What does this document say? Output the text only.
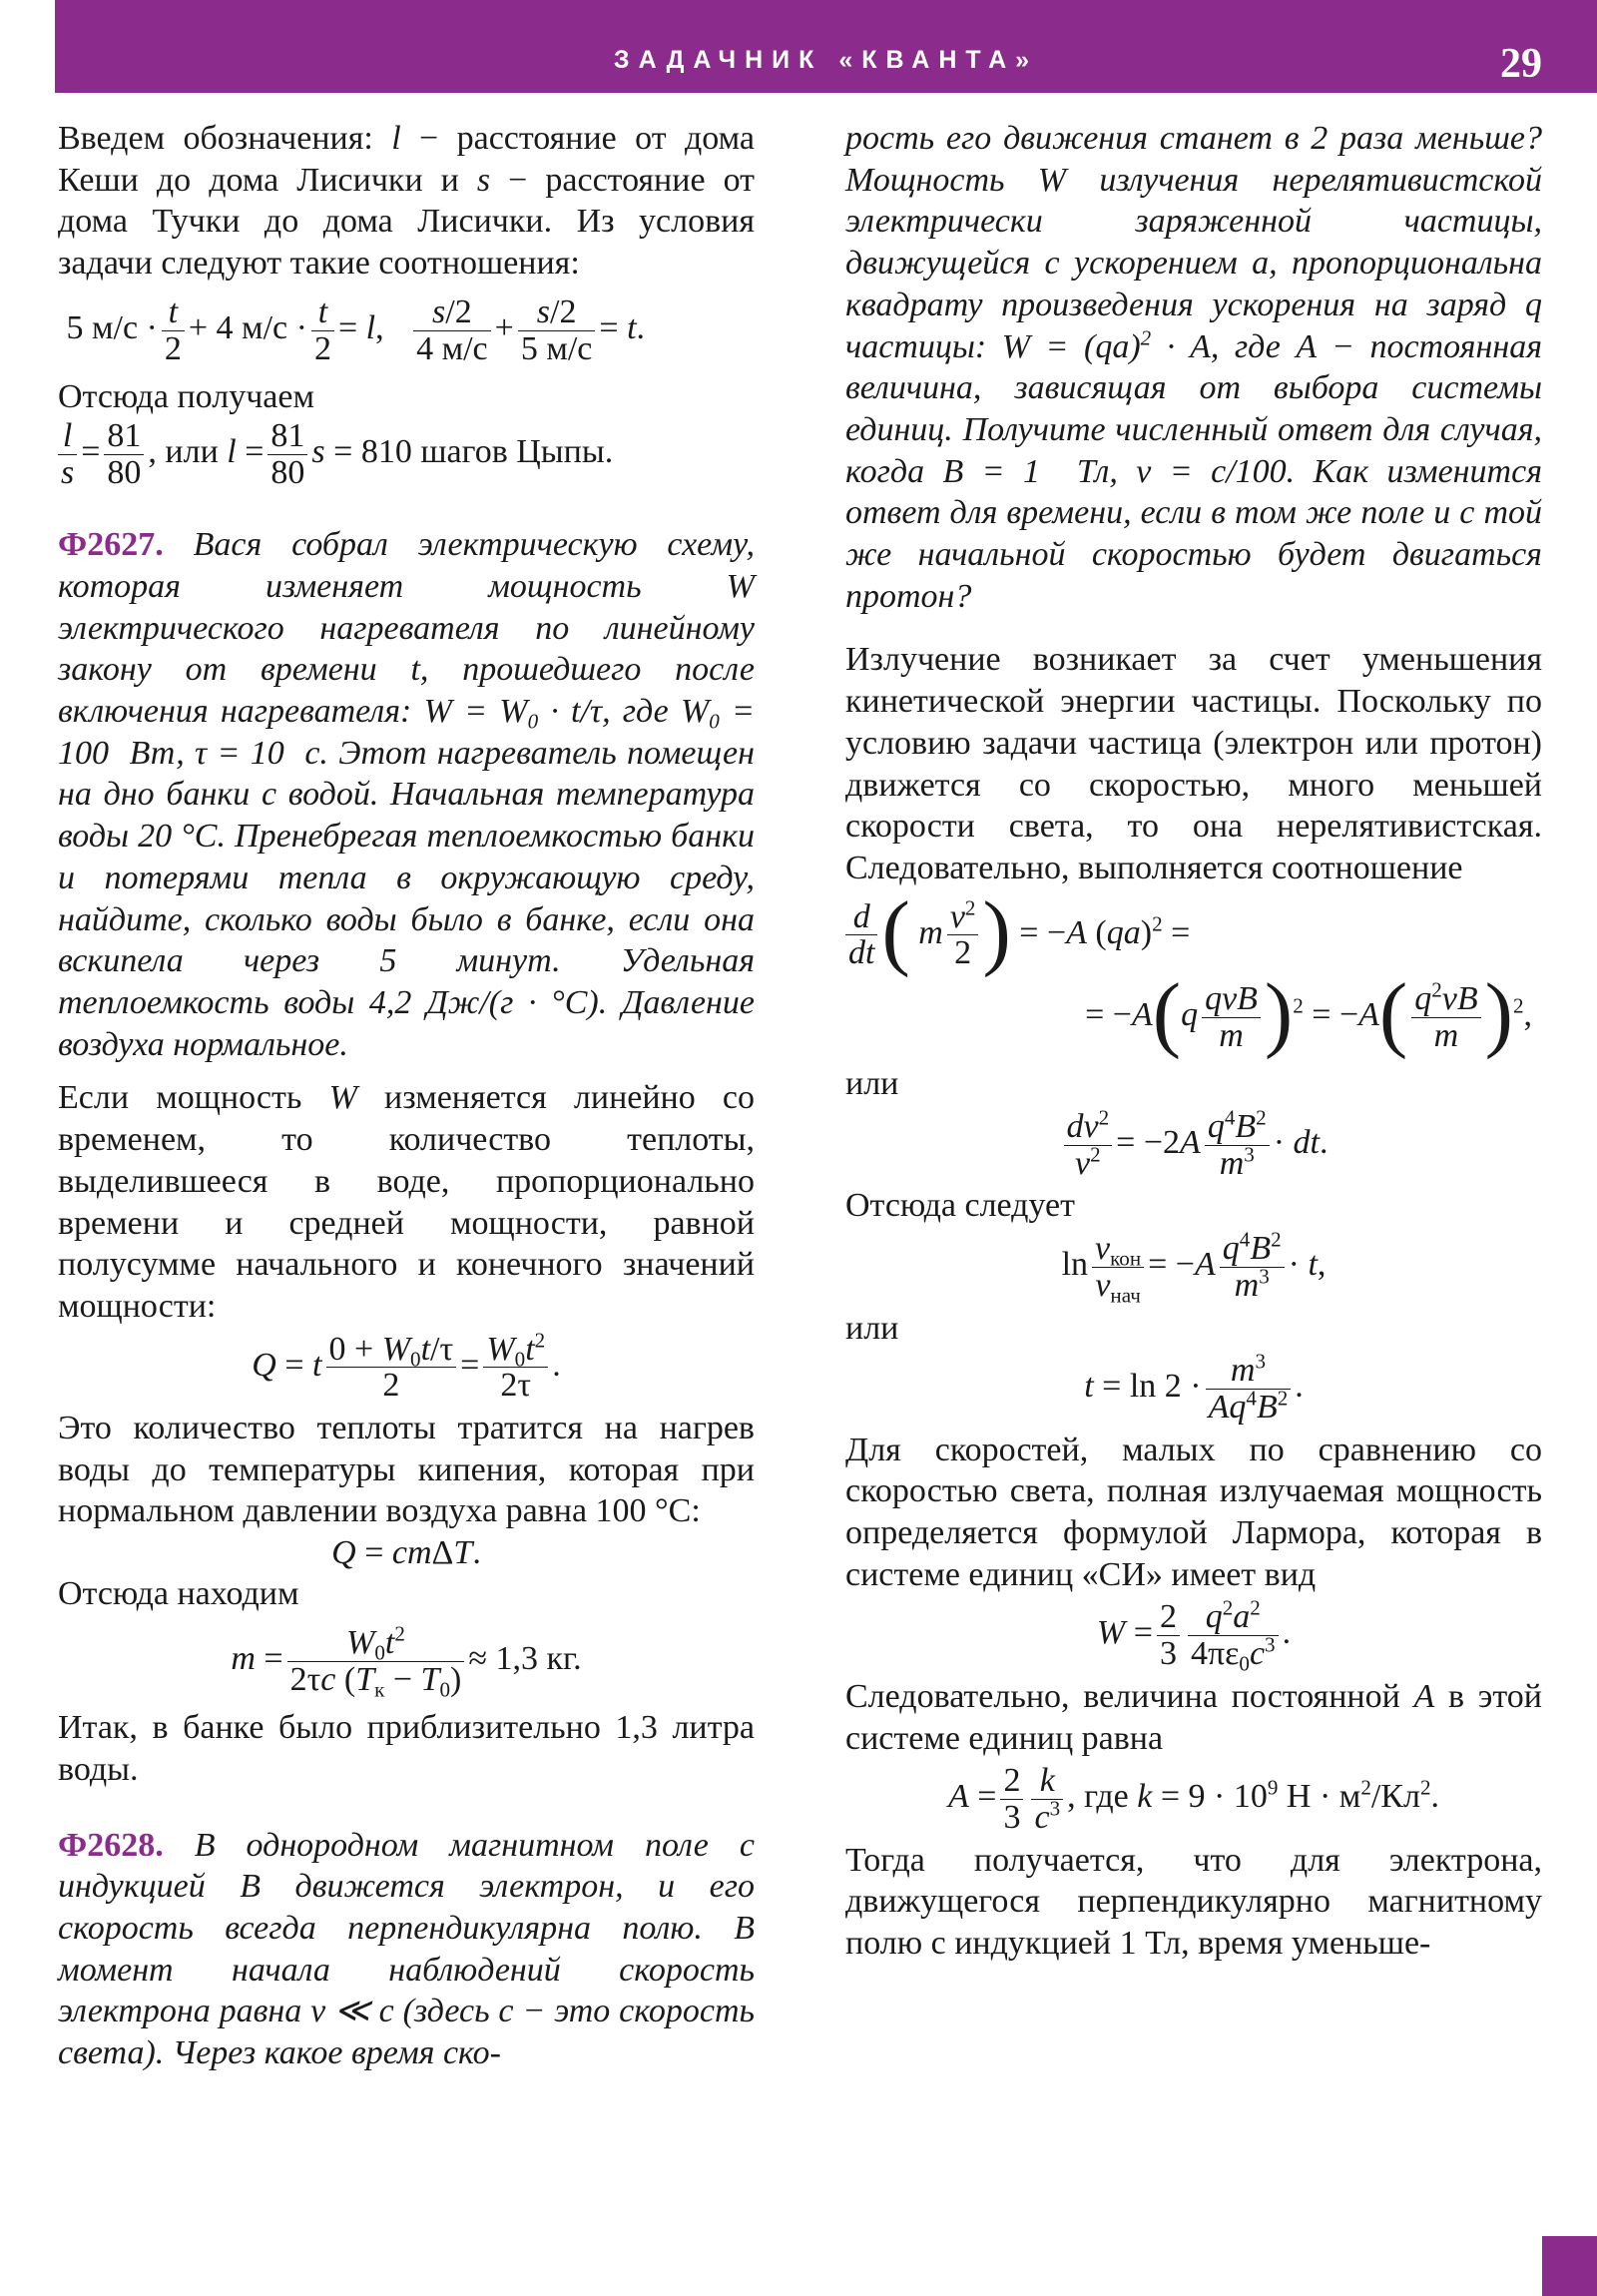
ЗАДАЧНИК «КВАНТА»	29

Введем обозначения: l − расстояние от дома Кеши до дома Лисички и s − расстояние от дома Тучки до дома Лисички. Из условия задачи следуют такие соотношения:

5 $м/с \cdot \frac{t}{2} + 4$ $м/с \cdot \frac{t}{2} = l$, s/2
4 м/с
+ s/2
5 м/с
= t.

Отсюда получаем

$\frac{l}{s} = \frac{81}{80}$ , или $l = \frac{81}{80}$ s = 810 шагов Цыпы.

Ф2627. Вася собрал электрическую схему, которая изменяет мощность W электрического нагревателя по линейному закону от времени t, прошедшего после включения нагревателя: $W = W_0 \cdot t/\tau$, где $W_0 = 100$  Вт, τ = 10  с. Этот нагреватель помещен на дно банки с водой. Начальная температура воды 20 °C. Пренебрегая теплоемкостью банки и потерями тепла в окружающую среду, найдите, сколько воды было в банке, если она вскипела через 5 минут. Удельная теплоемкость воды 4,2 Дж/(г · °C). Давление воздуха нормальное.

Если мощность W изменяется линейно со временем, то количество теплоты, выделившееся в воде, пропорционально времени и средней мощности, равной полусумме начального и конечного значений мощности:

Q = t $\frac{0 + W_0t/\tau}{2} = \frac{W_0t^2}{2\tau}$ .

Это количество теплоты тратится на нагрев воды до температуры кипения, которая при нормальном давлении воздуха равна 100 °C:

Q = cmΔT.

Отсюда находим

m =	$W_0t^2$
2τc $(T_к - T_0)$
≈ 1,3 кг.

Итак, в банке было приблизительно 1,3 литра воды.

Ф2628. В однородном магнитном поле с индукцией B движется электрон, и его скорость всегда перпендикулярна полю. В момент начала наблюдений скорость электрона равна v ≪ c (здесь c − это скорость света). Через какое время ско-

рость его движения станет в 2 раза меньше? Мощность W излучения нерелятивистской электрически заряженной частицы, движущейся с ускорением a, пропорциональна квадрату произведения ускорения на заряд q частицы: W = (qa)$^2$ · A, где A − постоянная величина, зависящая от выбора системы единиц. Получите численный ответ для случая, когда B = 1  Тл, v = c/100. Как изменится ответ для времени, если в том же поле и с той же начальной скоростью будет двигаться протон?

Излучение возникает за счет уменьшения кинетической энергии частицы. Поскольку по условию задачи частица (электрон или протон) движется со скоростью, много меньшей скорости света, то она нерелятивистская. Следовательно, выполняется соотношение

$\frac{d}{dt}$ ( m $\frac{v^2}{2}$ ) = −A (qa)$^2$ =
= −A(q qvB
m )$^2 = -A( \frac{q^2vB}{m} )^2$,

или

$\frac{dv^2}{v^2} = -2A \frac{q^4B^2}{m^3}$ · dt.

Отсюда следует

$\ln v_{кон}$
$v_{нач}$
= $-A \frac{q^4B^2}{m^3} \cdot t$,

или

$t = \ln 2 \cdot \frac{m^3}{Aq^4B^2}$ .

Для скоростей, малых по сравнению со скоростью света, полная излучаемая мощность определяется формулой Лармора, которая в системе единиц «СИ» имеет вид

$W = \frac{2}{3} \frac{q^2a^2}{4\pi\varepsilon_0c^3}$ .

Следовательно, величина постоянной A в этой системе единиц равна

$A = \frac{2}{3} \frac{k}{c^3}$ , где $k = 9 \cdot 10^9$ $Н \cdot м^2/Кл^2$.

Тогда получается, что для электрона, движущегося перпендикулярно магнитному полю с индукцией 1 Тл, время уменьше-
